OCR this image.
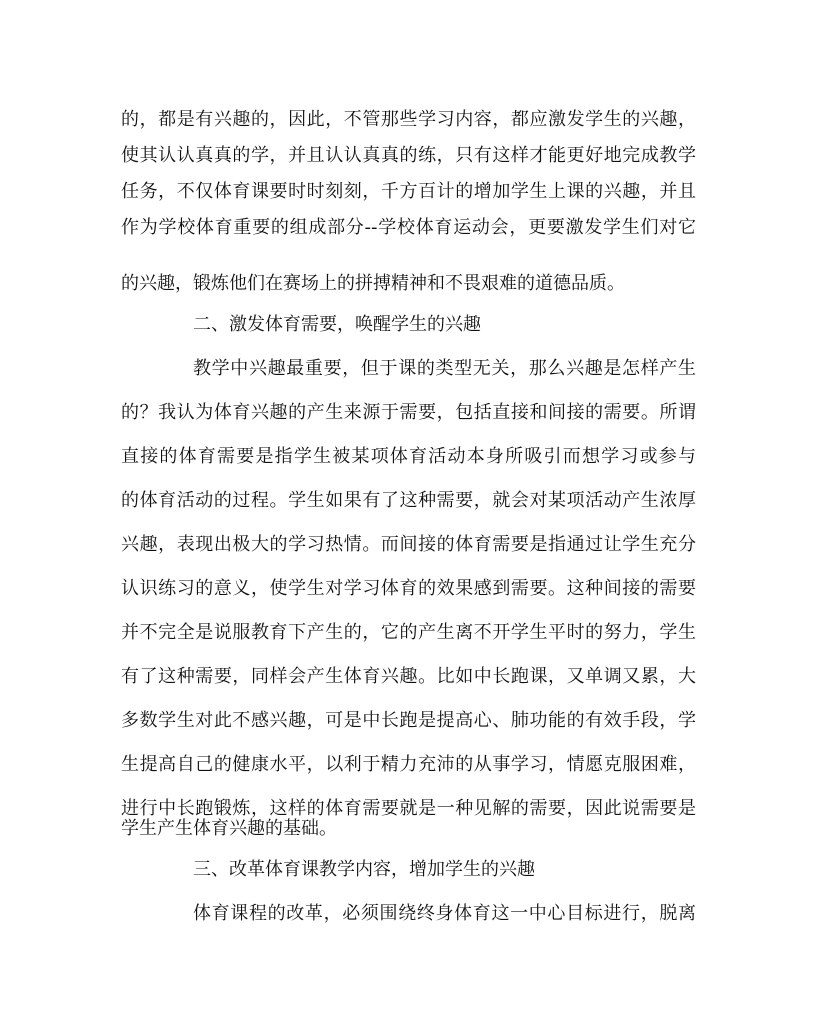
的，都是有兴趣的，因此，不管那些学习内容，都应激发学生的兴趣，
使其认认真真的学，并且认认真真的练，只有这样才能更好地完成教学
任务，不仅体育课要时时刻刻，千方百计的增加学生上课的兴趣，并且
作为学校体育重要的组成部分--学校体育运动会，更要激发学生们对它
的兴趣，锻炼他们在赛场上的拼搏精神和不畏艰难的道德品质。
二、激发体育需要，唤醒学生的兴趣
教学中兴趣最重要，但于课的类型无关，那么兴趣是怎样产生
的？我认为体育兴趣的产生来源于需要，包括直接和间接的需要。所谓
直接的体育需要是指学生被某项体育活动本身所吸引而想学习或参与
的体育活动的过程。学生如果有了这种需要，就会对某项活动产生浓厚
兴趣，表现出极大的学习热情。而间接的体育需要是指通过让学生充分
认识练习的意义，使学生对学习体育的效果感到需要。这种间接的需要
并不完全是说服教育下产生的，它的产生离不开学生平时的努力，学生
有了这种需要，同样会产生体育兴趣。比如中长跑课，又单调又累，大
多数学生对此不感兴趣，可是中长跑是提高心、肺功能的有效手段，学
生提高自己的健康水平，以利于精力充沛的从事学习，情愿克服困难，
进行中长跑锻炼，这样的体育需要就是一种见解的需要，因此说需要是
学生产生体育兴趣的基础。
三、改革体育课教学内容，增加学生的兴趣
体育课程的改革，必须围绕终身体育这一中心目标进行，脱离
